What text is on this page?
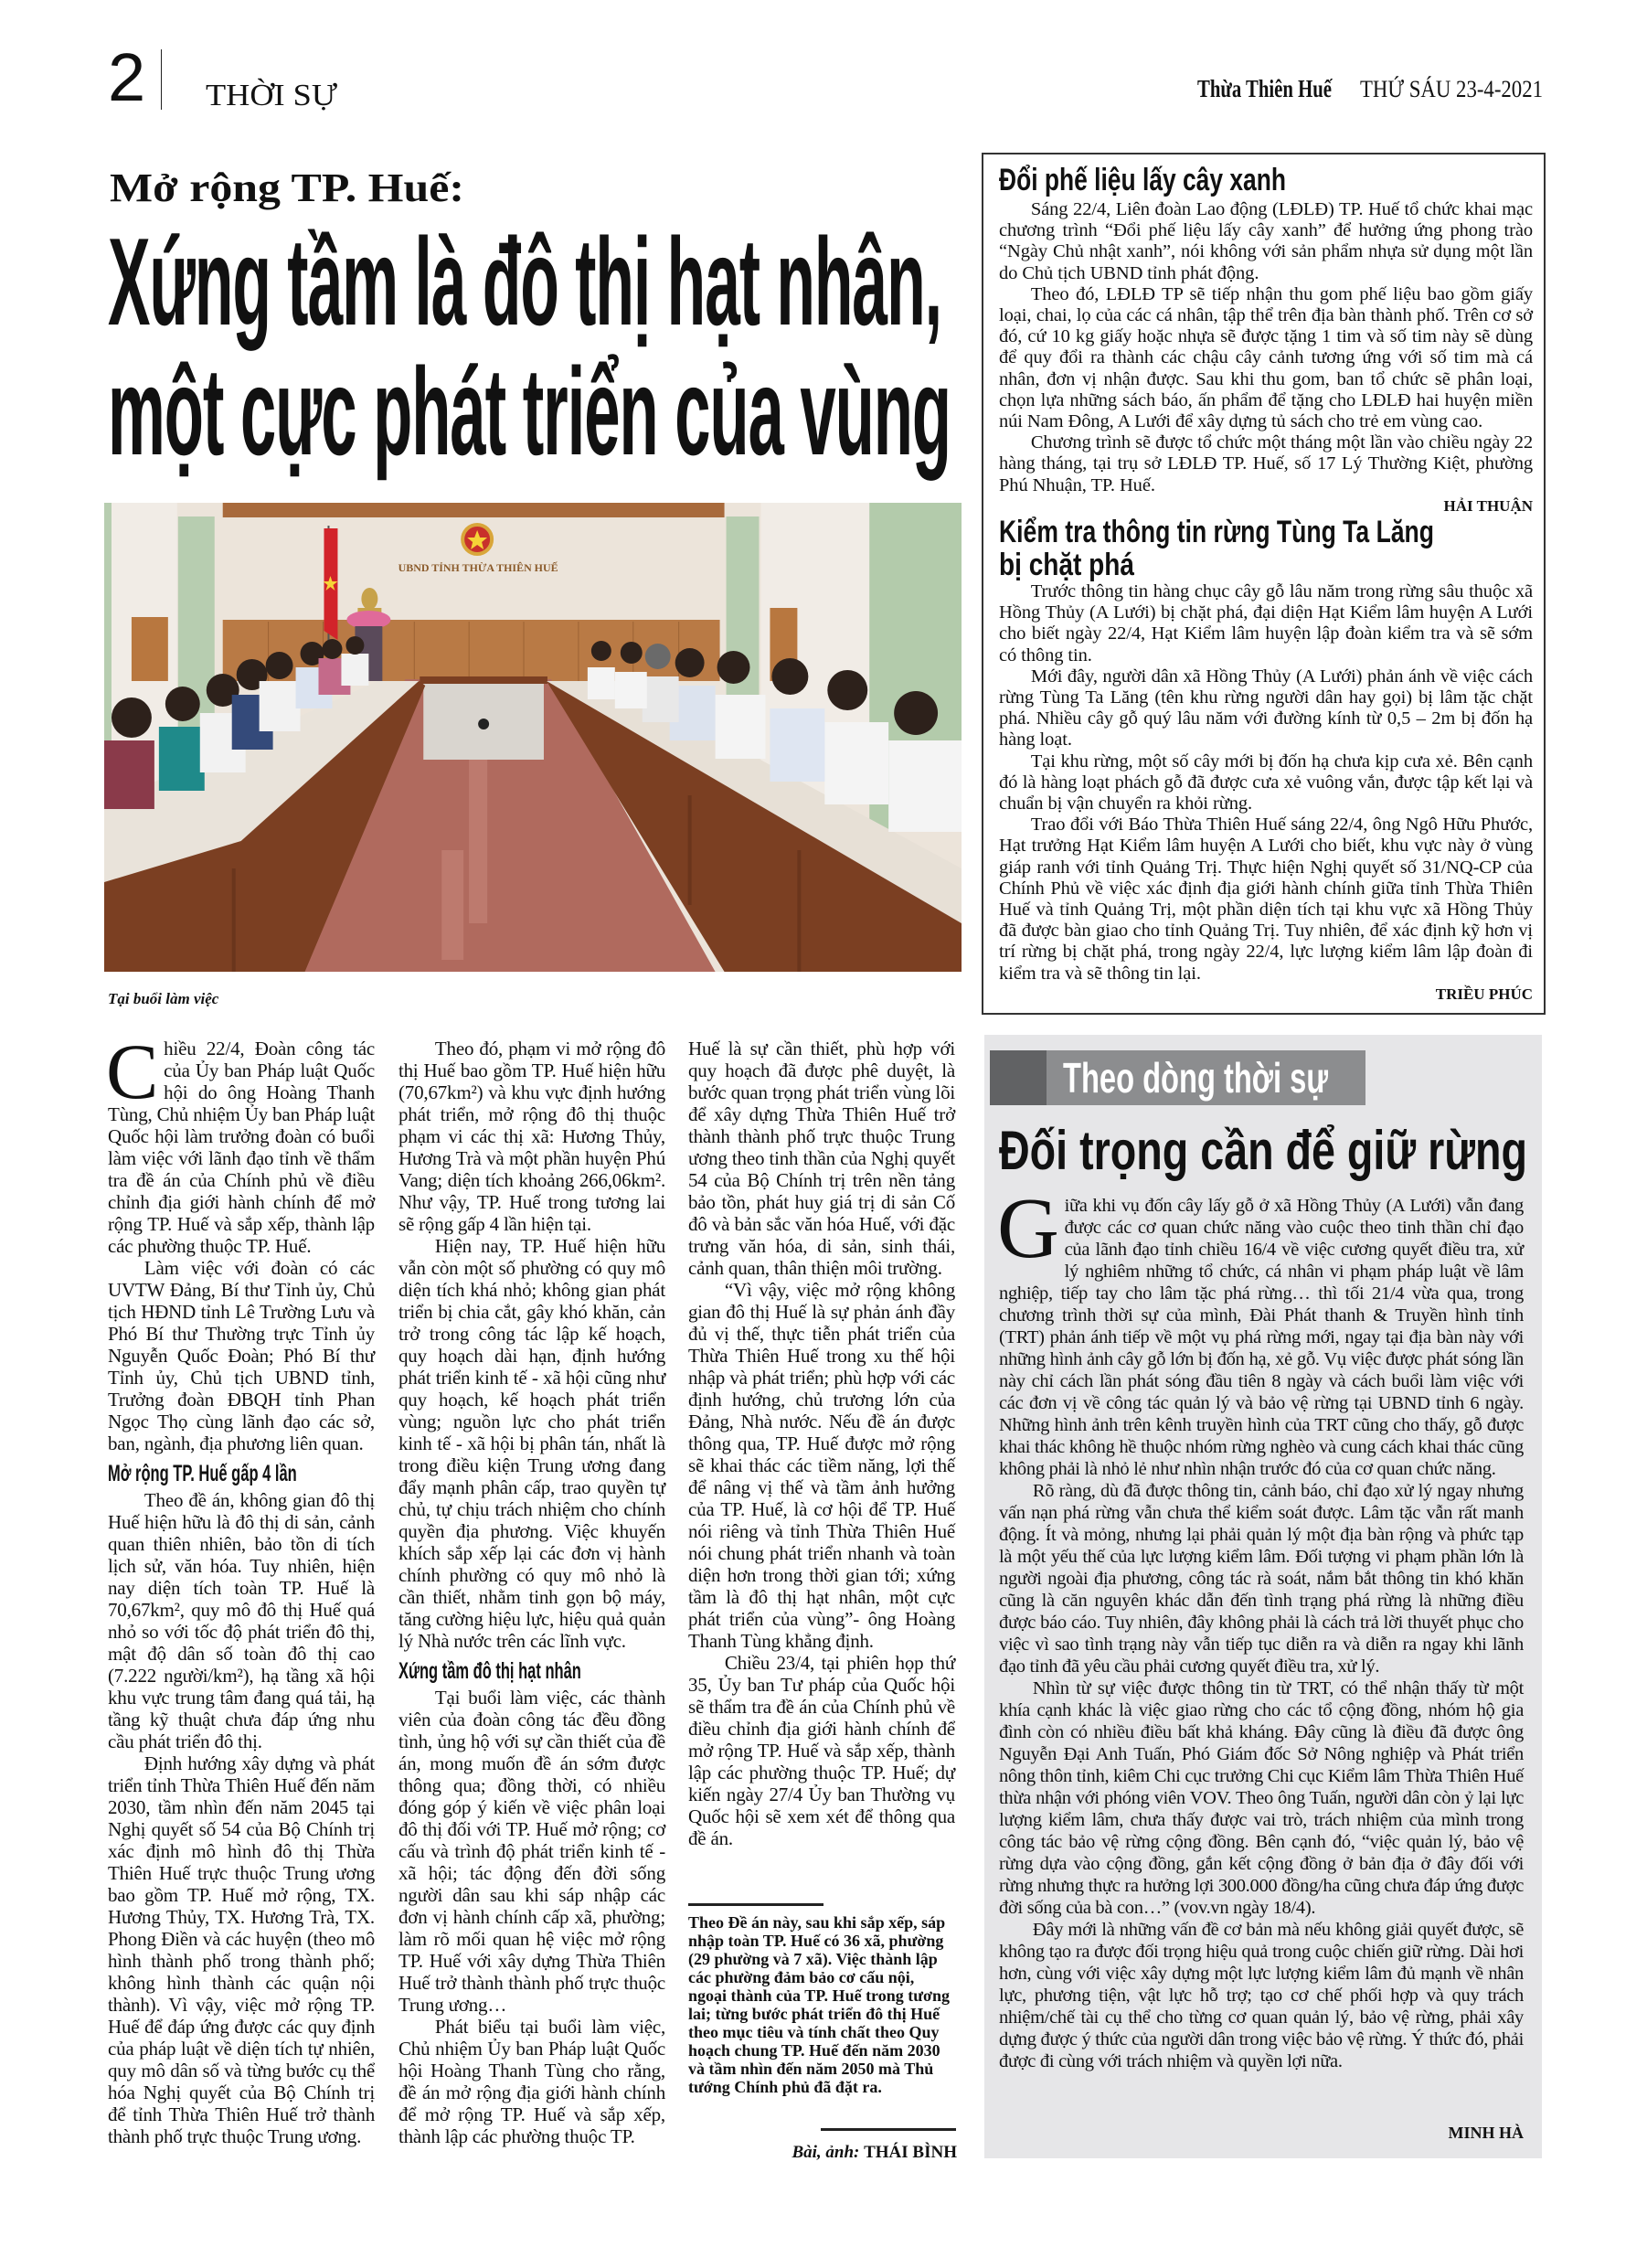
2 THỜI SỰ	Thừa Thiên Huế	THỨ SÁU 23-4-2021
Mở rộng TP. Huế:
Xứng tầm là đô thị hạt nhân,
một cực phát triển của vùng
UBND TỈNH THỪA THIÊN HUẾ
Tại buổi làm việc

Chiều 22/4, Đoàn công tác của Ủy ban Pháp luật Quốc hội do ông Hoàng Thanh Tùng, Chủ nhiệm Ủy ban Pháp luật Quốc hội làm trưởng đoàn có buổi làm việc với lãnh đạo tỉnh về thẩm tra đề án của Chính phủ về điều chỉnh địa giới hành chính để mở rộng TP. Huế và sắp xếp, thành lập các phường thuộc TP. Huế.

Làm việc với đoàn có các UVTW Đảng, Bí thư Tỉnh ủy, Chủ tịch HĐND tỉnh Lê Trường Lưu và Phó Bí thư Thường trực Tỉnh ủy Nguyễn Quốc Đoàn; Phó Bí thư Tỉnh ủy, Chủ tịch UBND tỉnh, Trưởng đoàn ĐBQH tỉnh Phan Ngọc Thọ cùng lãnh đạo các sở, ban, ngành, địa phương liên quan.

Mở rộng TP. Huế gấp 4 lần

Theo đề án, không gian đô thị Huế hiện hữu là đô thị di sản, cảnh quan thiên nhiên, bảo tồn di tích lịch sử, văn hóa. Tuy nhiên, hiện nay diện tích toàn TP. Huế là 70,67km², quy mô đô thị Huế quá nhỏ so với tốc độ phát triển đô thị, mật độ dân số toàn đô thị cao (7.222 người/km²), hạ tầng xã hội khu vực trung tâm đang quá tải, hạ tầng kỹ thuật chưa đáp ứng nhu cầu phát triển đô thị.

Định hướng xây dựng và phát triển tỉnh Thừa Thiên Huế đến năm 2030, tầm nhìn đến năm 2045 tại Nghị quyết số 54 của Bộ Chính trị xác định mô hình đô thị Thừa Thiên Huế trực thuộc Trung ương bao gồm TP. Huế mở rộng, TX. Hương Thủy, TX. Hương Trà, TX. Phong Điền và các huyện (theo mô hình thành phố trong thành phố; không hình thành các quận nội thành). Vì vậy, việc mở rộng TP. Huế để đáp ứng được các quy định của pháp luật về diện tích tự nhiên, quy mô dân số và từng bước cụ thể hóa Nghị quyết của Bộ Chính trị để tỉnh Thừa Thiên Huế trở thành thành phố trực thuộc Trung ương.

Theo đó, phạm vi mở rộng đô thị Huế bao gồm TP. Huế hiện hữu (70,67km²) và khu vực định hướng phát triển, mở rộng đô thị thuộc phạm vi các thị xã: Hương Thủy, Hương Trà và một phần huyện Phú Vang; diện tích khoảng 266,06km². Như vậy, TP. Huế trong tương lai sẽ rộng gấp 4 lần hiện tại.

Hiện nay, TP. Huế hiện hữu vẫn còn một số phường có quy mô diện tích khá nhỏ; không gian phát triển bị chia cắt, gây khó khăn, cản trở trong công tác lập kế hoạch, quy hoạch dài hạn, định hướng phát triển kinh tế - xã hội cũng như quy hoạch, kế hoạch phát triển vùng; nguồn lực cho phát triển kinh tế - xã hội bị phân tán, nhất là trong điều kiện Trung ương đang đẩy mạnh phân cấp, trao quyền tự chủ, tự chịu trách nhiệm cho chính quyền địa phương. Việc khuyến khích sắp xếp lại các đơn vị hành chính phường có quy mô nhỏ là cần thiết, nhằm tinh gọn bộ máy, tăng cường hiệu lực, hiệu quả quản lý Nhà nước trên các lĩnh vực.

Xứng tầm đô thị hạt nhân

Tại buổi làm việc, các thành viên của đoàn công tác đều đồng tình, ủng hộ với sự cần thiết của đề án, mong muốn đề án sớm được thông qua; đồng thời, có nhiều đóng góp ý kiến về việc phân loại đô thị đối với TP. Huế mở rộng; cơ cấu và trình độ phát triển kinh tế - xã hội; tác động đến đời sống người dân sau khi sáp nhập các đơn vị hành chính cấp xã, phường; làm rõ mối quan hệ việc mở rộng TP. Huế với xây dựng Thừa Thiên Huế trở thành thành phố trực thuộc Trung ương…

Phát biểu tại buổi làm việc, Chủ nhiệm Ủy ban Pháp luật Quốc hội Hoàng Thanh Tùng cho rằng, đề án mở rộng địa giới hành chính để mở rộng TP. Huế và sắp xếp, thành lập các phường thuộc TP.

Huế là sự cần thiết, phù hợp với quy hoạch đã được phê duyệt, là bước quan trọng phát triển vùng lõi để xây dựng Thừa Thiên Huế trở thành thành phố trực thuộc Trung ương theo tinh thần của Nghị quyết 54 của Bộ Chính trị trên nền tảng bảo tồn, phát huy giá trị di sản Cố đô và bản sắc văn hóa Huế, với đặc trưng văn hóa, di sản, sinh thái, cảnh quan, thân thiện môi trường.

“Vì vậy, việc mở rộng không gian đô thị Huế là sự phản ánh đầy đủ vị thế, thực tiễn phát triển của Thừa Thiên Huế trong xu thế hội nhập và phát triển; phù hợp với các định hướng, chủ trương lớn của Đảng, Nhà nước. Nếu đề án được thông qua, TP. Huế được mở rộng sẽ khai thác các tiềm năng, lợi thế để nâng vị thế và tầm ảnh hưởng của TP. Huế, là cơ hội để TP. Huế nói riêng và tỉnh Thừa Thiên Huế nói chung phát triển nhanh và toàn diện hơn trong thời gian tới; xứng tầm là đô thị hạt nhân, một cực phát triển của vùng”- ông Hoàng Thanh Tùng khẳng định.

Chiều 23/4, tại phiên họp thứ 35, Ủy ban Tư pháp của Quốc hội sẽ thẩm tra đề án của Chính phủ về điều chỉnh địa giới hành chính để mở rộng TP. Huế và sắp xếp, thành lập các phường thuộc TP. Huế; dự kiến ngày 27/4 Ủy ban Thường vụ Quốc hội sẽ xem xét để thông qua đề án.

Theo Đề án này, sau khi sắp xếp, sáp nhập toàn TP. Huế có 36 xã, phường (29 phường và 7 xã). Việc thành lập các phường đảm bảo cơ cấu nội, ngoại thành của TP. Huế trong tương lai; từng bước phát triển đô thị Huế theo mục tiêu và tính chất theo Quy hoạch chung TP. Huế đến năm 2030 và tầm nhìn đến năm 2050 mà Thủ tướng Chính phủ đã đặt ra.
Bài, ảnh: THÁI BÌNH
Đổi phế liệu lấy cây xanh

Sáng 22/4, Liên đoàn Lao động (LĐLĐ) TP. Huế tổ chức khai mạc chương trình “Đổi phế liệu lấy cây xanh” để hưởng ứng phong trào “Ngày Chủ nhật xanh”, nói không với sản phẩm nhựa sử dụng một lần do Chủ tịch UBND tỉnh phát động.

Theo đó, LĐLĐ TP sẽ tiếp nhận thu gom phế liệu bao gồm giấy loại, chai, lọ của các cá nhân, tập thể trên địa bàn thành phố. Trên cơ sở đó, cứ 10 kg giấy hoặc nhựa sẽ được tặng 1 tim và số tim này sẽ dùng để quy đổi ra thành các chậu cây cảnh tương ứng với số tim mà cá nhân, đơn vị nhận được. Sau khi thu gom, ban tổ chức sẽ phân loại, chọn lựa những sách báo, ấn phẩm để tặng cho LĐLĐ hai huyện miền núi Nam Đông, A Lưới để xây dựng tủ sách cho trẻ em vùng cao.

Chương trình sẽ được tổ chức một tháng một lần vào chiều ngày 22 hàng tháng, tại trụ sở LĐLĐ TP. Huế, số 17 Lý Thường Kiệt, phường Phú Nhuận, TP. Huế.

HẢI THUẬN
Kiểm tra thông tin rừng Tùng Ta Lăng
bị chặt phá

Trước thông tin hàng chục cây gỗ lâu năm trong rừng sâu thuộc xã Hồng Thủy (A Lưới) bị chặt phá, đại diện Hạt Kiểm lâm huyện A Lưới cho biết ngày 22/4, Hạt Kiểm lâm huyện lập đoàn kiểm tra và sẽ sớm có thông tin.

Mới đây, người dân xã Hồng Thủy (A Lưới) phản ánh về việc cách rừng Tùng Ta Lăng (tên khu rừng người dân hay gọi) bị lâm tặc chặt phá. Nhiều cây gỗ quý lâu năm với đường kính từ 0,5 – 2m bị đốn hạ hàng loạt.

Tại khu rừng, một số cây mới bị đốn hạ chưa kịp cưa xẻ. Bên cạnh đó là hàng loạt phách gỗ đã được cưa xẻ vuông vắn, được tập kết lại và chuẩn bị vận chuyển ra khỏi rừng.

Trao đổi với Báo Thừa Thiên Huế sáng 22/4, ông Ngô Hữu Phước, Hạt trưởng Hạt Kiểm lâm huyện A Lưới cho biết, khu vực này ở vùng giáp ranh với tỉnh Quảng Trị. Thực hiện Nghị quyết số 31/NQ-CP của Chính Phủ về việc xác định địa giới hành chính giữa tỉnh Thừa Thiên Huế và tỉnh Quảng Trị, một phần diện tích tại khu vực xã Hồng Thủy đã được bàn giao cho tỉnh Quảng Trị. Tuy nhiên, để xác định kỹ hơn vị trí rừng bị chặt phá, trong ngày 22/4, lực lượng kiểm lâm lập đoàn đi kiểm tra và sẽ thông tin lại.

TRIỀU PHÚC
Theo dòng thời sự
Đối trọng cần để giữ rừng

Giữa khi vụ đốn cây lấy gỗ ở xã Hồng Thủy (A Lưới) vẫn đang được các cơ quan chức năng vào cuộc theo tinh thần chỉ đạo của lãnh đạo tỉnh chiều 16/4 về việc cương quyết điều tra, xử lý nghiêm những tổ chức, cá nhân vi phạm pháp luật về lâm nghiệp, tiếp tay cho lâm tặc phá rừng… thì tối 21/4 vừa qua, trong chương trình thời sự của mình, Đài Phát thanh & Truyền hình tỉnh (TRT) phản ánh tiếp về một vụ phá rừng mới, ngay tại địa bàn này với những hình ảnh cây gỗ lớn bị đốn hạ, xẻ gỗ. Vụ việc được phát sóng lần này chỉ cách lần phát sóng đầu tiên 8 ngày và cách buổi làm việc với các đơn vị về công tác quản lý và bảo vệ rừng tại UBND tỉnh 6 ngày. Những hình ảnh trên kênh truyền hình của TRT cũng cho thấy, gỗ được khai thác không hề thuộc nhóm rừng nghèo và cung cách khai thác cũng không phải là nhỏ lẻ như nhìn nhận trước đó của cơ quan chức năng.

Rõ ràng, dù đã được thông tin, cảnh báo, chỉ đạo xử lý ngay nhưng vấn nạn phá rừng vẫn chưa thể kiểm soát được. Lâm tặc vẫn rất manh động. Ít và mỏng, nhưng lại phải quản lý một địa bàn rộng và phức tạp là một yếu thế của lực lượng kiểm lâm. Đối tượng vi phạm phần lớn là người ngoài địa phương, công tác rà soát, nắm bắt thông tin khó khăn cũng là căn nguyên khác dẫn đến tình trạng phá rừng là những điều được báo cáo. Tuy nhiên, đây không phải là cách trả lời thuyết phục cho việc vì sao tình trạng này vẫn tiếp tục diễn ra và diễn ra ngay khi lãnh đạo tỉnh đã yêu cầu phải cương quyết điều tra, xử lý.

Nhìn từ sự việc được thông tin từ TRT, có thể nhận thấy từ một khía cạnh khác là việc giao rừng cho các tổ cộng đồng, nhóm hộ gia đình còn có nhiều điều bất khả kháng. Đây cũng là điều đã được ông Nguyễn Đại Anh Tuấn, Phó Giám đốc Sở Nông nghiệp và Phát triển nông thôn tỉnh, kiêm Chi cục trưởng Chi cục Kiểm lâm Thừa Thiên Huế thừa nhận với phóng viên VOV. Theo ông Tuấn, người dân còn ỷ lại lực lượng kiểm lâm, chưa thấy được vai trò, trách nhiệm của mình trong công tác bảo vệ rừng cộng đồng. Bên cạnh đó, “việc quản lý, bảo vệ rừng dựa vào cộng đồng, gắn kết cộng đồng ở bản địa ở đây đối với rừng nhưng thực ra hưởng lợi 300.000 đồng/ha cũng chưa đáp ứng được đời sống của bà con…” (vov.vn ngày 18/4).

Đây mới là những vấn đề cơ bản mà nếu không giải quyết được, sẽ không tạo ra được đối trọng hiệu quả trong cuộc chiến giữ rừng. Dài hơi hơn, cùng với việc xây dựng một lực lượng kiểm lâm đủ mạnh về nhân lực, phương tiện, vật lực hỗ trợ; tạo cơ chế phối hợp và quy trách nhiệm/chế tài cụ thể cho từng cơ quan quản lý, bảo vệ rừng, phải xây dựng được ý thức của người dân trong việc bảo vệ rừng. Ý thức đó, phải được đi cùng với trách nhiệm và quyền lợi nữa.

MINH HÀ
